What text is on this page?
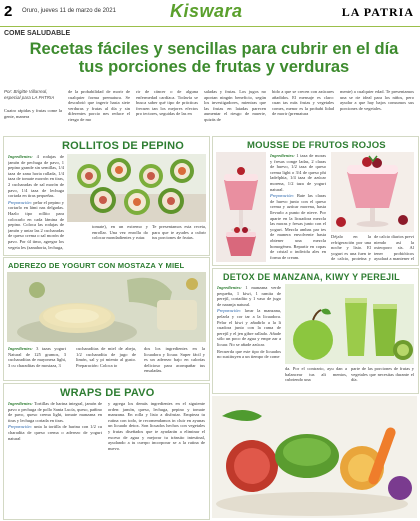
2 Oruro, jueves 11 de marzo de 2021	Kiswara	LA PATRIA
COME SALUDABLE
Recetas fáciles y sencillas para cubrir en el día tus porciones de frutas y verduras
Por: Brigitte Villarreal, especial para LA PATRIA
Cuatro rápidas y frutas come la gente, manera
de la probabilidad de morir de cualquier forma prematura. Se descubrió que ingerir hasta siete verduras y frutas al día y sin diferentes porcio nes reduce el riesgo de mo
rir de cáncer o de alguna enfermedad cardíaca. Todavía se busca saber qué tipo de prácticas frecuen tan los mejores efectos pro tectores, seguidas de las en
saladas y frutas. Los jugos no aportan ningún beneficio, según los investigadores, mientras que las frutas en latadas parecen aumentar el riesgo de muerte, quizás de
bido a que se crecen con azúcares añadidos. El mensaje es claro: cuan tas más frutas y vegetales comes, menor es la probabi lidad de morir (prematura
mente) a cualquier edad. Te presentamos una se rie ideal para los niños, pero ayudar a que hay bajos consumos sus porciones de vegetales.
ROLLITOS DE PEPINO

Ingredientes: 4 rodajas de jamón de pechuga de pavo, 1 pepino grande sin semillas, 1/4 taza de zana horia rallada, 1/4 taza de tomate morrón en tiras, 2 cucharadas de sal morón de pavo, 1/4 taza de lechuga cortada en tiras pequeñas.

Preparación: pelar el pepino y cortarlo en lámi nas delgadas. Hazlo tipo rollito para colocarlo en cada lámina de pepino. Coloca las rodajas de jamón y untar las 2 cucharadas de queso crema o sal morón de pavo. Por úl timo, agregar los vegeta les (zanahoria, lechuga,

tomate), en un extremo y enrollar. Una vez enrolla do colocar mondadientes y rutar.
Te presentamos esta receta, para que te ayudes a cubrir tus porciones de frutas.
MOUSSE DE FRUTOS ROJOS

Ingredientes: 1 taza de moras y fresas conge ladas, 2 claras de huevo, 1/2 taza de queso crema light o 3/4 de queso phi ladelphia, 1/4 taza de azúcar morena, 1/2 taza de yogurt natural.

Preparación: Bate las claras de huevo junto con el queso crema y azúcar morena, hasta llevarlo a punto de nieve. Por aparte en la licuadora mezcla las moras y fresas junto con el yogurt. Mezcla ambas par tes de manera envolvente hasta obtener una mezcla homogénea. Repartir en copas de cristal o individu ales en forma de cream.

Déjalo en la refrigeración por una noche y listo. El yogurt es una fuen te de calcio, proteína y
de calcio diarios previ niendo así la osteoporo sis. Al tener probióticos ayudará a mantener el
ADEREZO DE YOGURT CON MOSTAZA Y MIEL

Ingredientes: 3 tazas yogurt Natural de 125 gramos, 3 cucharaditas de mayonesa light, 3 cu charaditas de mostaza, 3

cucharaditas de miel de abeja, 1/2 cucharadita de jugo de limón, sal y pi miento al gusto. Preparación: Coloca to
dos los ingredientes en la licuadora y licuar. Super fácil y es un aderezo bajo en calorías delicioso para acompañar tus ensaladas.
DETOX DE MANZANA, KIWY Y PEREJIL

Ingredientes: 1 manzana verde pequeña, 1 kiwi, 1 ramita de perejil, cortadito y 1 vaso de jugo de naranja natural.

Preparación: lavar la manzana, pelarla y cor tar a la licuadora. Pelar el kiwi y añadirlo a la li cuadora junto con la rama de perejil y el jen gibre rallado. Añade sólo un poco de agua y empe zar a licuar. No se añade azúcar.

Recuerda que este tipo de licuados no sustituyen a un tiempo de come

da. Por el contrario, ayu dan a balancear tus ali mentos, cubriendo una
parte de las porciones de frutas y vegetales que necesitas durante el día.
WRAPS DE PAVO

Ingredientes: Tortillas de harina integral, jamón de pavo o pechuga de pollo Santa Lucía, queso, pañino de pavo, queso crema light, tomate manzana en tiras y lechuga cortada en tiras.

Preparación: unta la tortilla de harina con 1/2 cu charadita de queso crema o aderezo de yogurt natural

y agrega los demás ingredientes en el siguiente orden: jamón, queso, lechuga, pepino y tomate manzana. En rolla y listo a disfrutar. Empieza tu rutina con todo, te recomendamos in cluir en ayunas un licuado detox. Son licuados hechos con vegetales y frutas diseñados que te ayudarán a eliminar el exceso de agua y mejorar tu tránsito intestinal, ayudando a tu cuerpo incorporar se a la rutina de nuevo.
